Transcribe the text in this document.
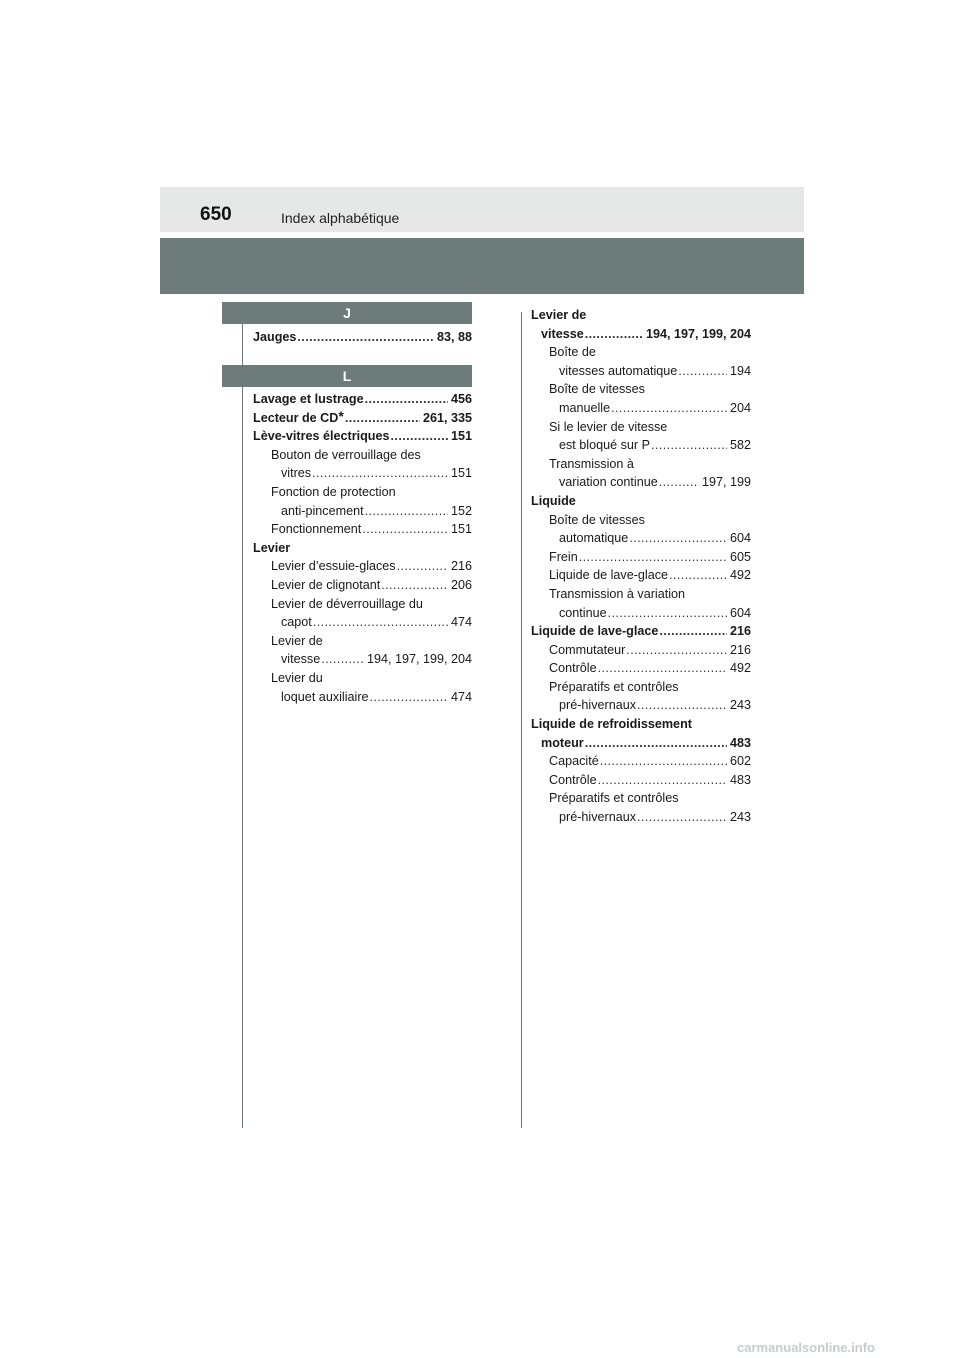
650	Index alphabétique
J
Jauges .....	83, 88
L
Lavage et lustrage .....	456
Lecteur de CD* .....	261, 335
Lève-vitres électriques .....	151
Bouton de verrouillage des
vitres .....	151
Fonction de protection
anti-pincement .....	152
Fonctionnement .....	151
Levier
Levier d’essuie-glaces .....	216
Levier de clignotant .....	206
Levier de déverrouillage du
capot .....	474
Levier de
vitesse .....	194, 197, 199, 204
Levier du
loquet auxiliaire .....	474
Levier de
vitesse .....	194, 197, 199, 204
Boîte de
vitesses automatique .....	194
Boîte de vitesses
manuelle .....	204
Si le levier de vitesse
est bloqué sur P .....	582
Transmission à
variation continue .....	197, 199
Liquide
Boîte de vitesses
automatique .....	604
Frein .....	605
Liquide de lave-glace .....	492
Transmission à variation
continue .....	604
Liquide de lave-glace .....	216
Commutateur .....	216
Contrôle .....	492
Préparatifs et contrôles
pré-hivernaux .....	243
Liquide de refroidissement
moteur .....	483
Capacité .....	602
Contrôle .....	483
Préparatifs et contrôles
pré-hivernaux .....	243
carmanualsonline.info
